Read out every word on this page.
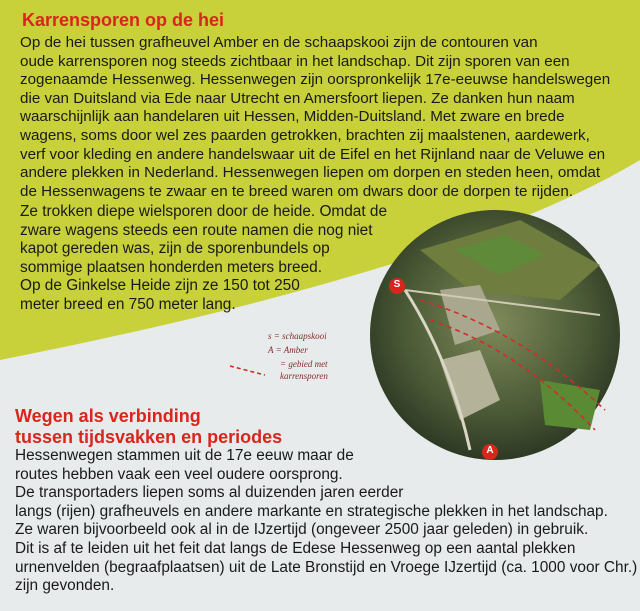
S
A
Karrensporen op de hei
Op de hei tussen grafheuvel Amber en de schaapskooi zijn de contouren van
oude karrensporen nog steeds zichtbaar in het landschap. Dit zijn sporen van een
zogenaamde Hessenweg. Hessenwegen zijn oorspronkelijk 17e-eeuwse handelswegen
die van Duitsland via Ede naar Utrecht en Amersfoort liepen. Ze danken hun naam
waarschijnlijk aan handelaren uit Hessen, Midden-Duitsland. Met zware en brede
wagens, soms door wel zes paarden getrokken, brachten zij maalstenen, aardewerk,
verf voor kleding en andere handelswaar uit de Eifel en het Rijnland naar de Veluwe en
andere plekken in Nederland. Hessenwegen liepen om dorpen en steden heen, omdat
de Hessenwagens te zwaar en te breed waren om dwars door de dorpen te rijden.
Ze trokken diepe wielsporen door de heide. Omdat de
zware wagens steeds een route namen die nog niet
kapot gereden was, zijn de sporenbundels op
sommige plaatsen honderden meters breed.
Op de Ginkelse Heide zijn ze 150 tot 250
meter breed en 750 meter lang.
s = schaapskooi
A = Amber
= gebied met
karrensporen
Wegen als verbinding
tussen tijdsvakken en periodes
Hessenwegen stammen uit de 17e eeuw maar de
routes hebben vaak een veel oudere oorsprong.
De transportaders liepen soms al duizenden jaren eerder
langs (rijen) grafheuvels en andere markante en strategische plekken in het landschap.
Ze waren bijvoorbeeld ook al in de IJzertijd (ongeveer 2500 jaar geleden) in gebruik.
Dit is af te leiden uit het feit dat langs de Edese Hessenweg op een aantal plekken
urnenvelden (begraafplaatsen) uit de Late Bronstijd en Vroege IJzertijd (ca. 1000 voor Chr.)
zijn gevonden.
